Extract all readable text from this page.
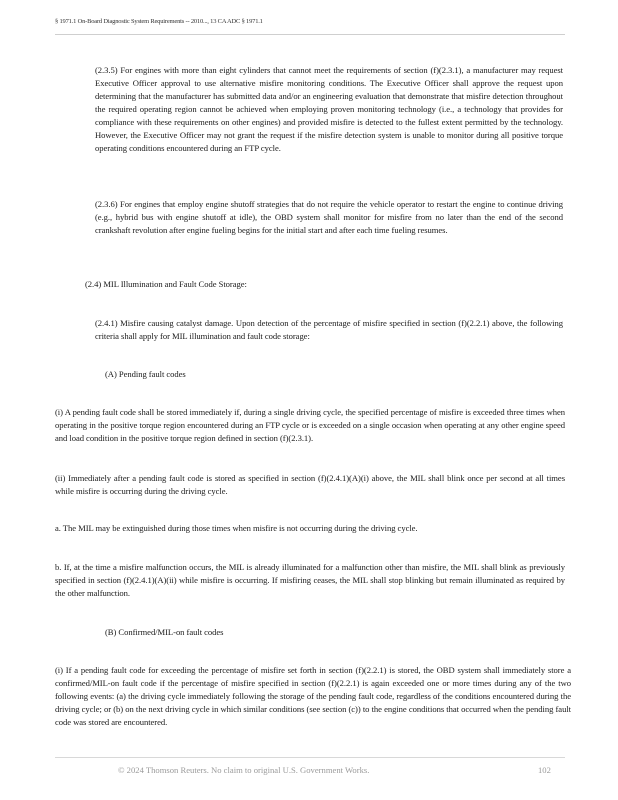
§ 1971.1 On-Board Diagnostic System Requirements -- 2010..., 13 CA ADC § 1971.1

(2.3.5) For engines with more than eight cylinders that cannot meet the requirements of section (f)(2.3.1), a manufacturer may request Executive Officer approval to use alternative misfire monitoring conditions. The Executive Officer shall approve the request upon determining that the manufacturer has submitted data and/or an engineering evaluation that demonstrate that misfire detection throughout the required operating region cannot be achieved when employing proven monitoring technology (i.e., a technology that provides for compliance with these requirements on other engines) and provided misfire is detected to the fullest extent permitted by the technology. However, the Executive Officer may not grant the request if the misfire detection system is unable to monitor during all positive torque operating conditions encountered during an FTP cycle.

(2.3.6) For engines that employ engine shutoff strategies that do not require the vehicle operator to restart the engine to continue driving (e.g., hybrid bus with engine shutoff at idle), the OBD system shall monitor for misfire from no later than the end of the second crankshaft revolution after engine fueling begins for the initial start and after each time fueling resumes.

(2.4) MIL Illumination and Fault Code Storage:

(2.4.1) Misfire causing catalyst damage. Upon detection of the percentage of misfire specified in section (f)(2.2.1) above, the following criteria shall apply for MIL illumination and fault code storage:

(A) Pending fault codes

(i) A pending fault code shall be stored immediately if, during a single driving cycle, the specified percentage of misfire is exceeded three times when operating in the positive torque region encountered during an FTP cycle or is exceeded on a single occasion when operating at any other engine speed and load condition in the positive torque region defined in section (f)(2.3.1).

(ii) Immediately after a pending fault code is stored as specified in section (f)(2.4.1)(A)(i) above, the MIL shall blink once per second at all times while misfire is occurring during the driving cycle.

a. The MIL may be extinguished during those times when misfire is not occurring during the driving cycle.

b. If, at the time a misfire malfunction occurs, the MIL is already illuminated for a malfunction other than misfire, the MIL shall blink as previously specified in section (f)(2.4.1)(A)(ii) while misfire is occurring. If misfiring ceases, the MIL shall stop blinking but remain illuminated as required by the other malfunction.

(B) Confirmed/MIL-on fault codes

(i) If a pending fault code for exceeding the percentage of misfire set forth in section (f)(2.2.1) is stored, the OBD system shall immediately store a confirmed/MIL-on fault code if the percentage of misfire specified in section (f)(2.2.1) is again exceeded one or more times during any of the two following events: (a) the driving cycle immediately following the storage of the pending fault code, regardless of the conditions encountered during the driving cycle; or (b) on the next driving cycle in which similar conditions (see section (c)) to the engine conditions that occurred when the pending fault code was stored are encountered.

© 2024 Thomson Reuters. No claim to original U.S. Government Works.	102
